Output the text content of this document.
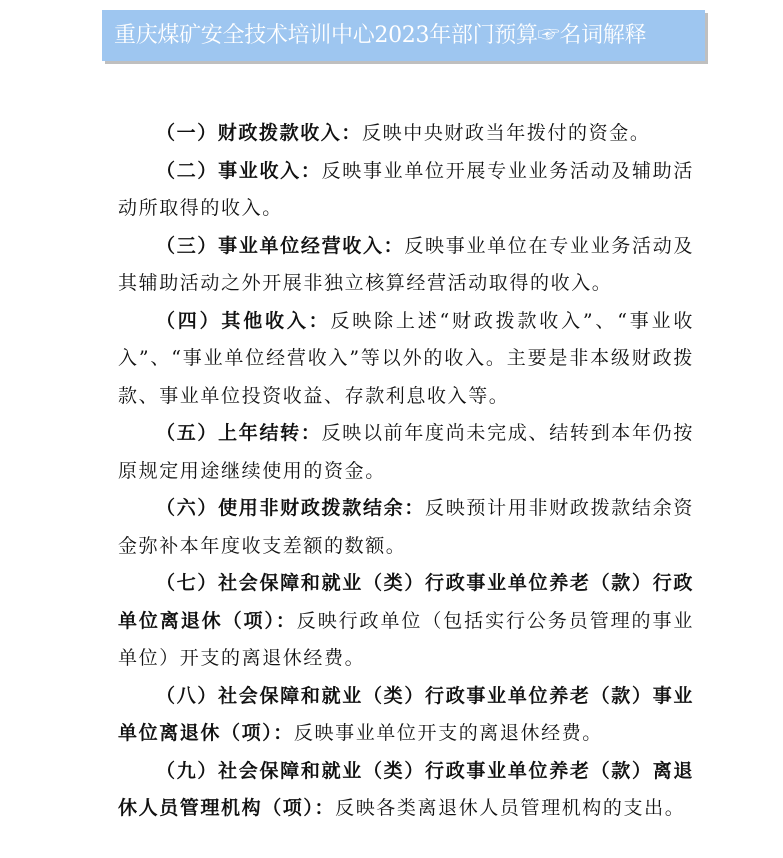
重庆煤矿安全技术培训中心2023年部门预算☞名词解释

（一）财政拨款收入：反映中央财政当年拨付的资金。

（二）事业收入：反映事业单位开展专业业务活动及辅助活动所取得的收入。

（三）事业单位经营收入：反映事业单位在专业业务活动及其辅助活动之外开展非独立核算经营活动取得的收入。

（四）其他收入：反映除上述“财政拨款收入”、“事业收入”、“事业单位经营收入”等以外的收入。主要是非本级财政拨款、事业单位投资收益、存款利息收入等。

（五）上年结转：反映以前年度尚未完成、结转到本年仍按原规定用途继续使用的资金。

（六）使用非财政拨款结余：反映预计用非财政拨款结余资金弥补本年度收支差额的数额。

（七）社会保障和就业（类）行政事业单位养老（款）行政单位离退休（项）：反映行政单位（包括实行公务员管理的事业单位）开支的离退休经费。

（八）社会保障和就业（类）行政事业单位养老（款）事业单位离退休（项）：反映事业单位开支的离退休经费。

（九）社会保障和就业（类）行政事业单位养老（款）离退休人员管理机构（项）：反映各类离退休人员管理机构的支出。
